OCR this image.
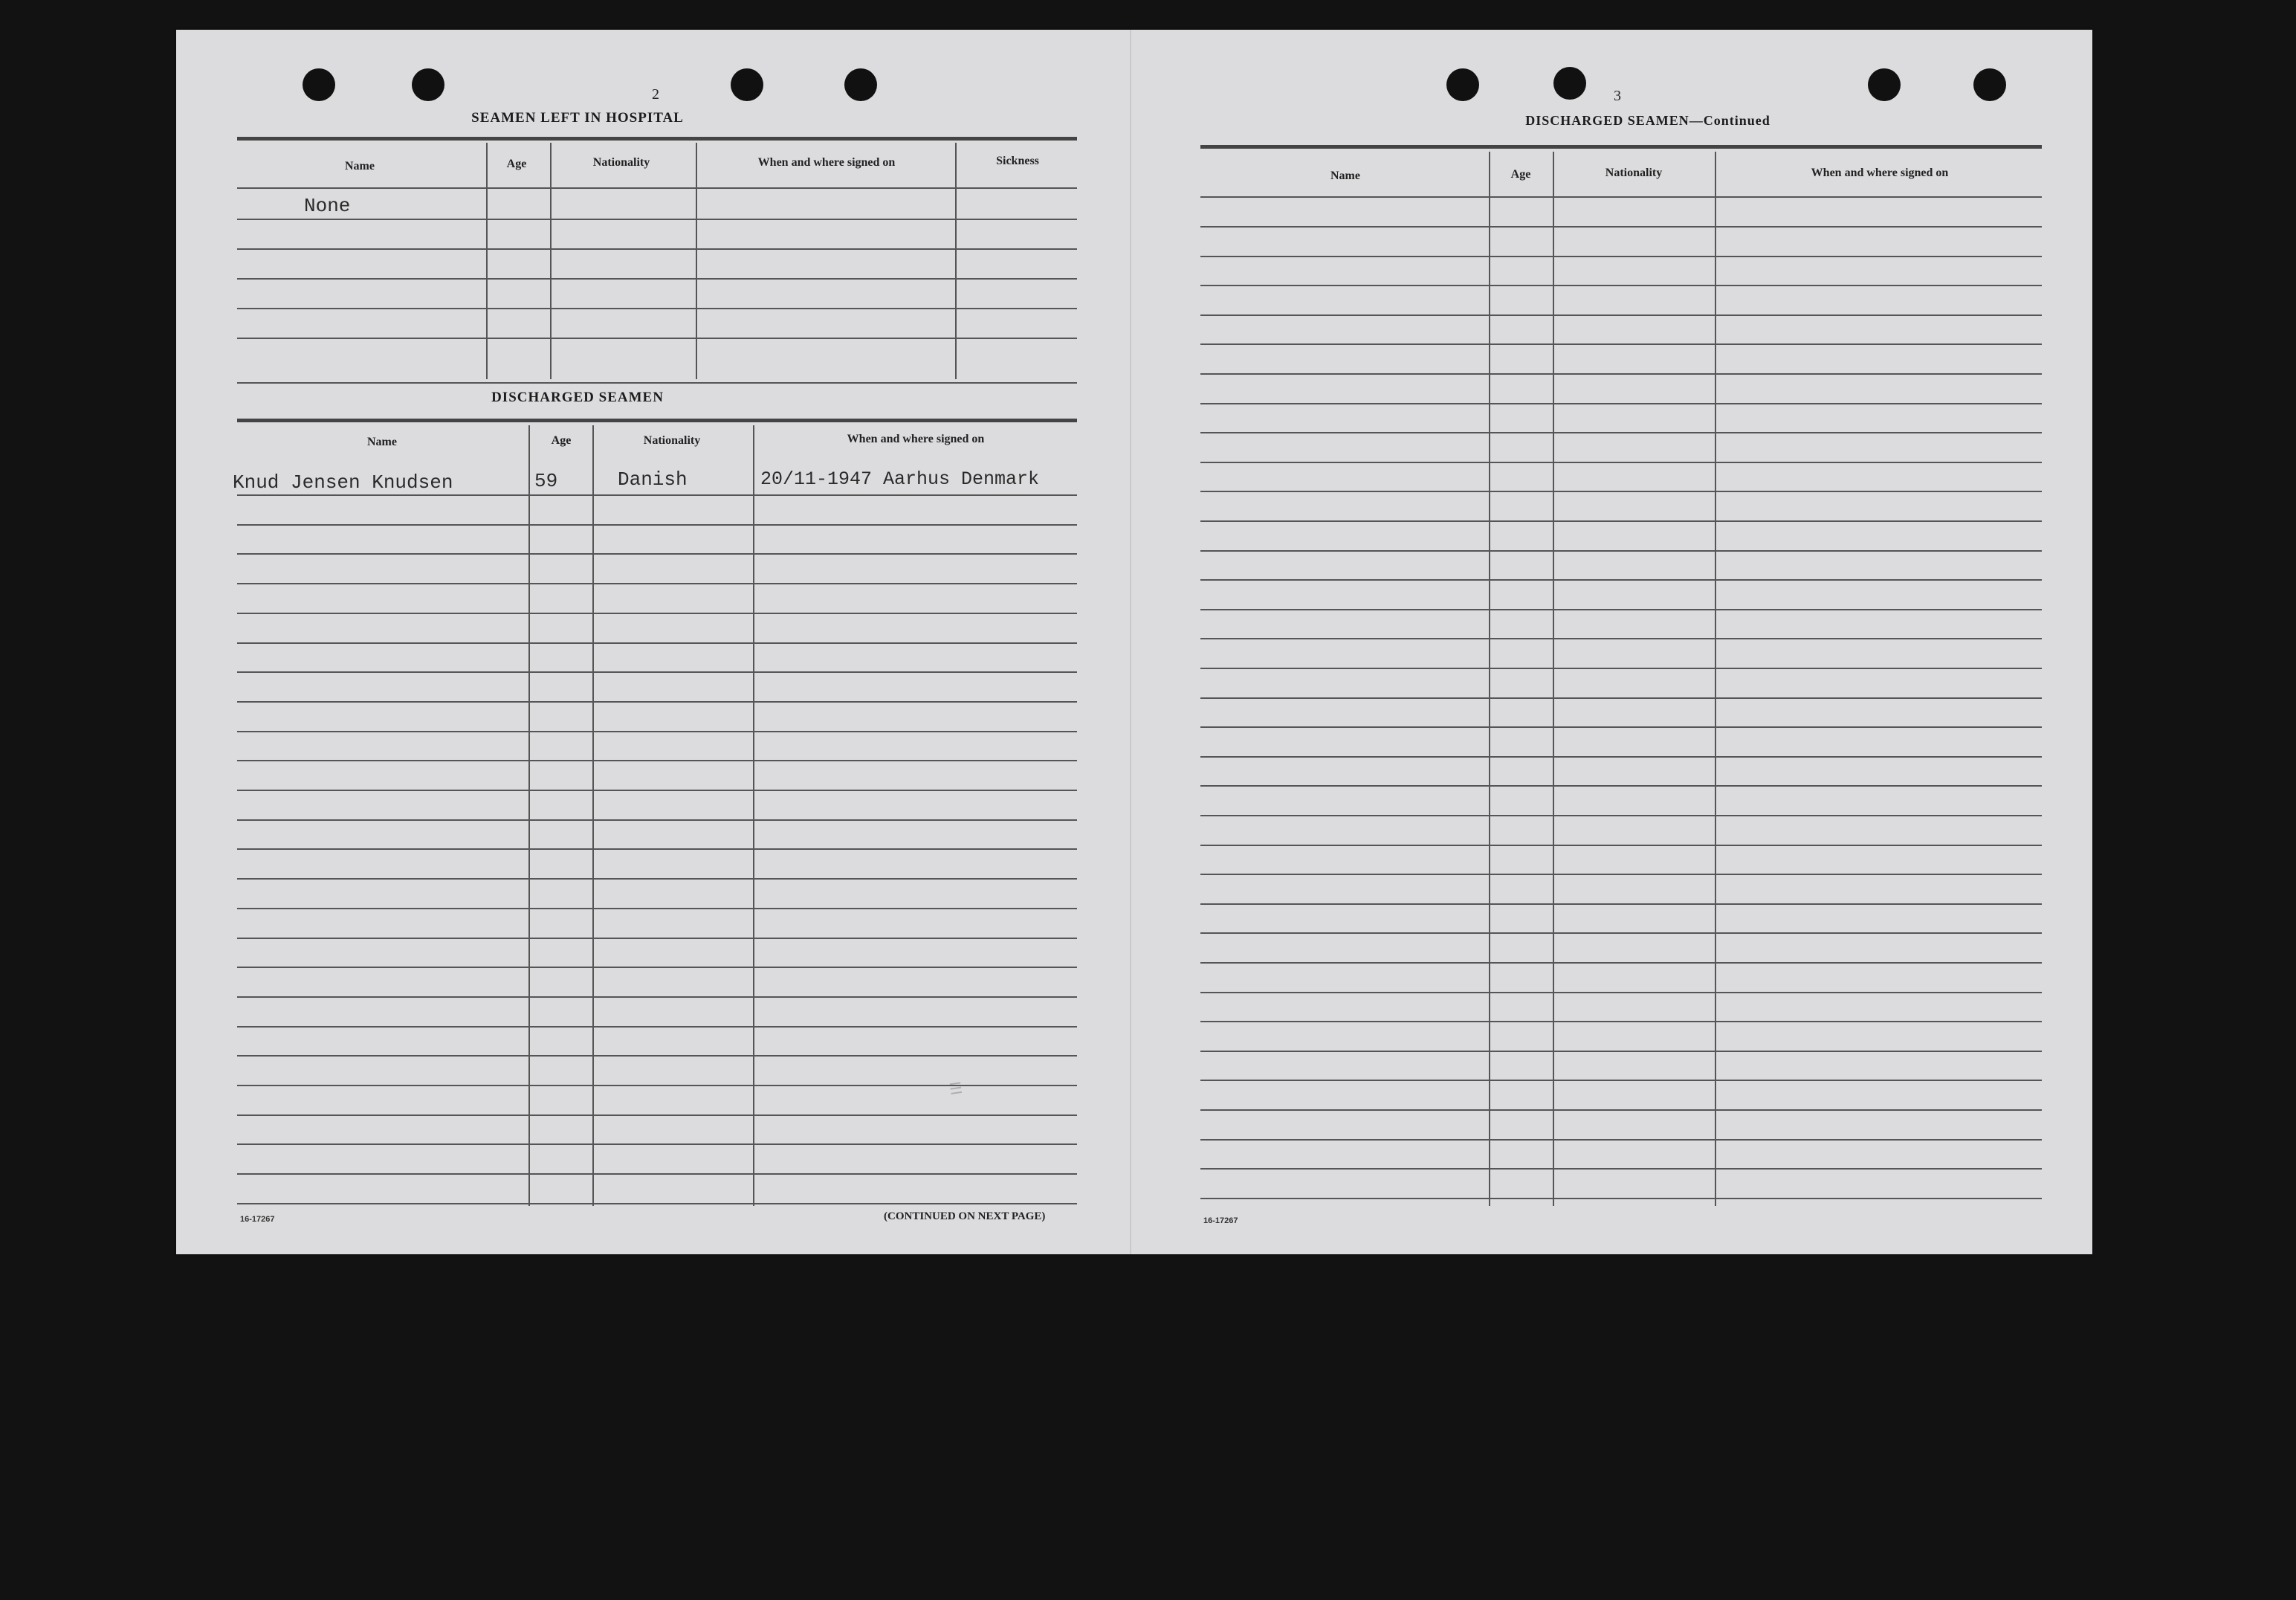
2
SEAMEN LEFT IN HOSPITAL
Name	Age	Nationality	When and where signed on	Sickness
None
DISCHARGED SEAMEN
Name	Age	Nationality	When and where signed on
Knud Jensen Knudsen	59	Danish	20/11-1947 Aarhus Denmark
☰
16-17267	(CONTINUED ON NEXT PAGE)
3
DISCHARGED SEAMEN—Continued
Name	Age	Nationality	When and where signed on
16-17267
